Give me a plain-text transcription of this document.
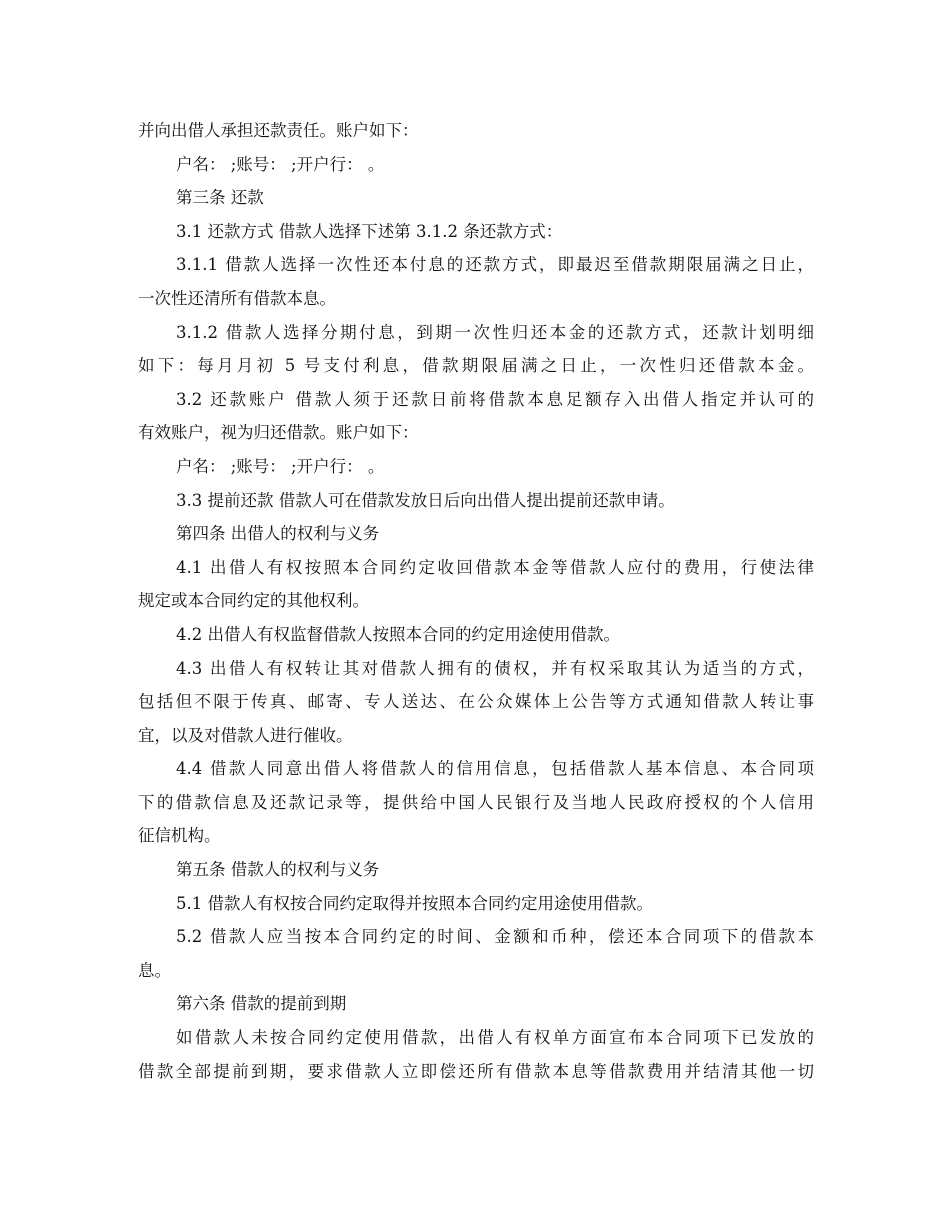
并向出借人承担还款责任。账户如下：
户名： ;账号： ;开户行： 。
第三条 还款
3.1 还款方式 借款人选择下述第 3.1.2 条还款方式：
3.1.1 借款人选择一次性还本付息的还款方式，即最迟至借款期限届满之日止，
一次性还清所有借款本息。
3.1.2 借款人选择分期付息，到期一次性归还本金的还款方式，还款计划明细
如下：每月月初 5 号支付利息，借款期限届满之日止，一次性归还借款本金。
3.2 还款账户 借款人须于还款日前将借款本息足额存入出借人指定并认可的
有效账户，视为归还借款。账户如下：
户名： ;账号： ;开户行： 。
3.3 提前还款 借款人可在借款发放日后向出借人提出提前还款申请。
第四条 出借人的权利与义务
4.1 出借人有权按照本合同约定收回借款本金等借款人应付的费用，行使法律
规定或本合同约定的其他权利。
4.2 出借人有权监督借款人按照本合同的约定用途使用借款。
4.3 出借人有权转让其对借款人拥有的债权，并有权采取其认为适当的方式，
包括但不限于传真、邮寄、专人送达、在公众媒体上公告等方式通知借款人转让事
宜，以及对借款人进行催收。
4.4 借款人同意出借人将借款人的信用信息，包括借款人基本信息、本合同项
下的借款信息及还款记录等，提供给中国人民银行及当地人民政府授权的个人信用
征信机构。
第五条 借款人的权利与义务
5.1 借款人有权按合同约定取得并按照本合同约定用途使用借款。
5.2 借款人应当按本合同约定的时间、金额和币种，偿还本合同项下的借款本
息。
第六条 借款的提前到期
如借款人未按合同约定使用借款，出借人有权单方面宣布本合同项下已发放的
借款全部提前到期，要求借款人立即偿还所有借款本息等借款费用并结清其他一切
